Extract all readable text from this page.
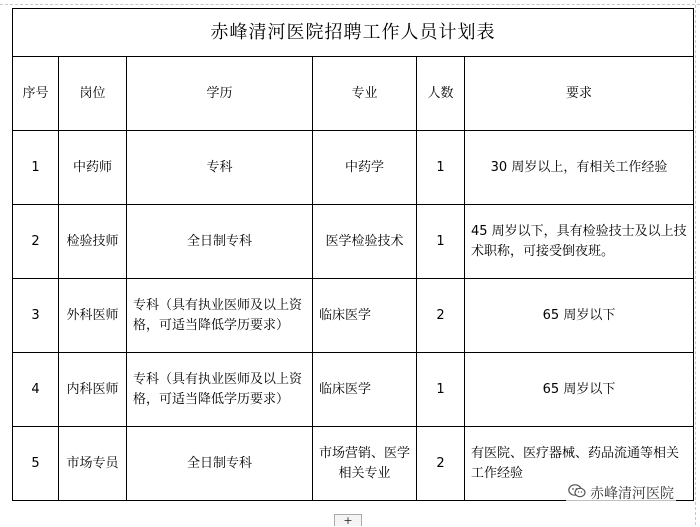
赤峰清河医院招聘工作人员计划表					
序号	岗位	学历	专业	人数	要求
1	中药师	专科	中药学	1	30 周岁以上，有相关工作经验
2	检验技师	全日制专科	医学检验技术	1	45 周岁以下，具有检验技士及以上技术职称，可接受倒夜班。
3	外科医师	专科（具有执业医师及以上资格，可适当降低学历要求）	临床医学	2	65 周岁以下
4	内科医师	专科（具有执业医师及以上资格，可适当降低学历要求）	临床医学	1	65 周岁以下
5	市场专员	全日制专科	市场营销、医学相关专业	2	有医院、医疗器械、药品流通等相关工作经验
+
赤峰清河医院
